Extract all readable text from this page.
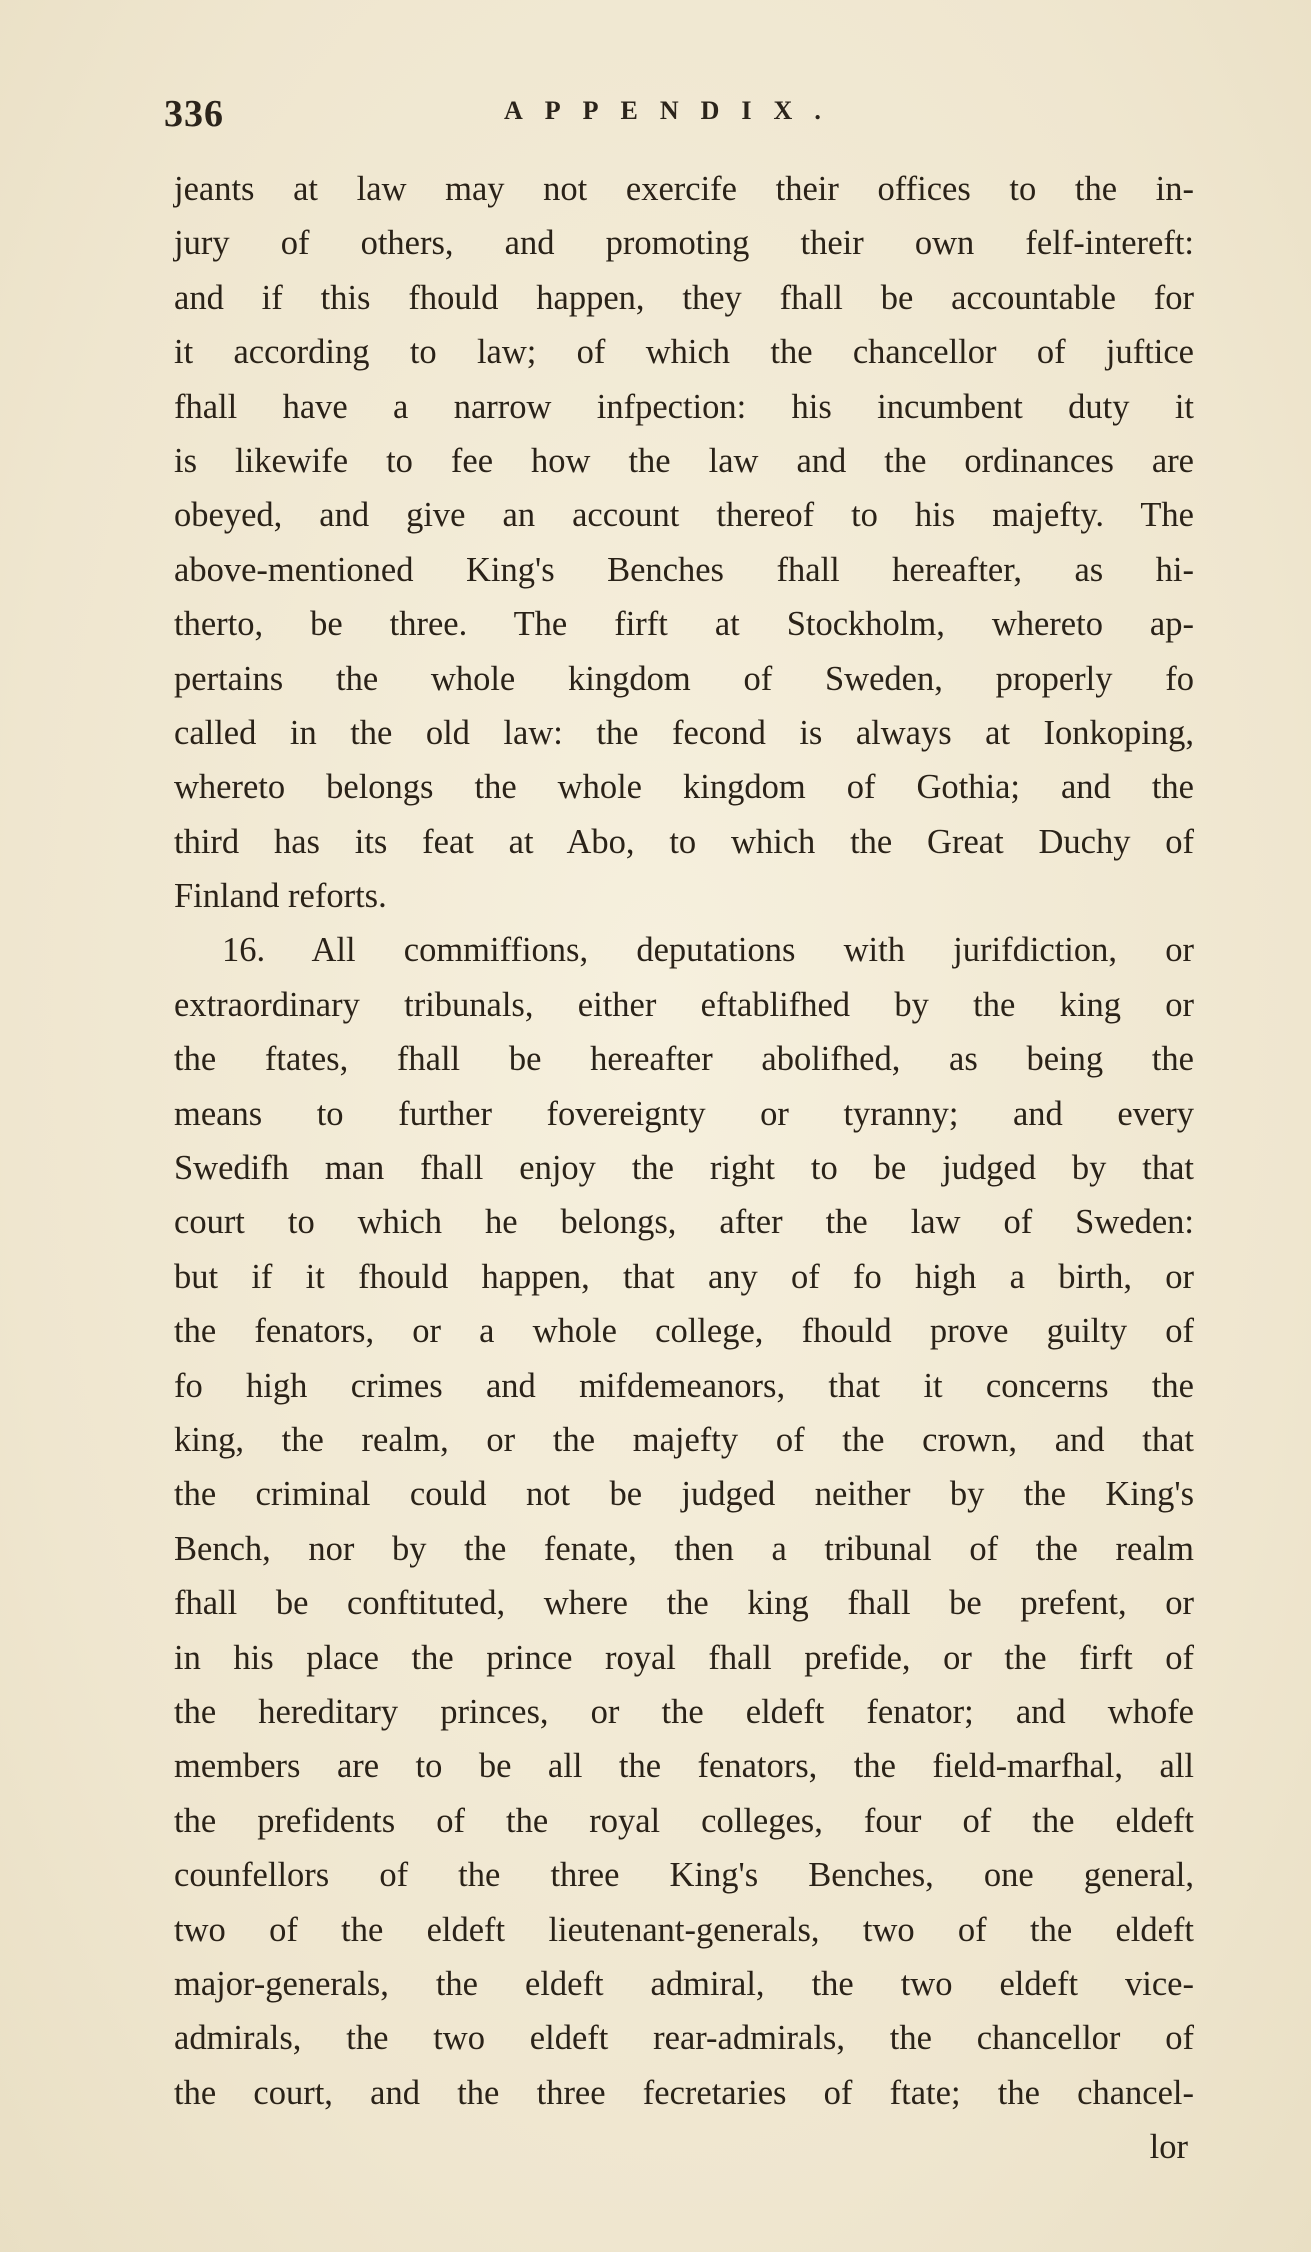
336	APPENDIX.
jeants at law may not exercife their offices to the in-
jury of others, and promoting their own felf-intereft:
and if this fhould happen, they fhall be accountable for
it according to law; of which the chancellor of juftice
fhall have a narrow infpection: his incumbent duty it
is likewife to fee how the law and the ordinances are
obeyed, and give an account thereof to his majefty. The
above-mentioned King's Benches fhall hereafter, as hi-
therto, be three. The firft at Stockholm, whereto ap-
pertains the whole kingdom of Sweden, properly fo
called in the old law: the fecond is always at Ionkoping,
whereto belongs the whole kingdom of Gothia; and the
third has its feat at Abo, to which the Great Duchy of
Finland reforts.
16. All commiffions, deputations with jurifdiction, or
extraordinary tribunals, either eftablifhed by the king or
the ftates, fhall be hereafter abolifhed, as being the
means to further fovereignty or tyranny; and every
Swedifh man fhall enjoy the right to be judged by that
court to which he belongs, after the law of Sweden:
but if it fhould happen, that any of fo high a birth, or
the fenators, or a whole college, fhould prove guilty of
fo high crimes and mifdemeanors, that it concerns the
king, the realm, or the majefty of the crown, and that
the criminal could not be judged neither by the King's
Bench, nor by the fenate, then a tribunal of the realm
fhall be conftituted, where the king fhall be prefent, or
in his place the prince royal fhall prefide, or the firft of
the hereditary princes, or the eldeft fenator; and whofe
members are to be all the fenators, the field-marfhal, all
the prefidents of the royal colleges, four of the eldeft
counfellors of the three King's Benches, one general,
two of the eldeft lieutenant-generals, two of the eldeft
major-generals, the eldeft admiral, the two eldeft vice-
admirals, the two eldeft rear-admirals, the chancellor of
the court, and the three fecretaries of ftate; the chancel-
lor
